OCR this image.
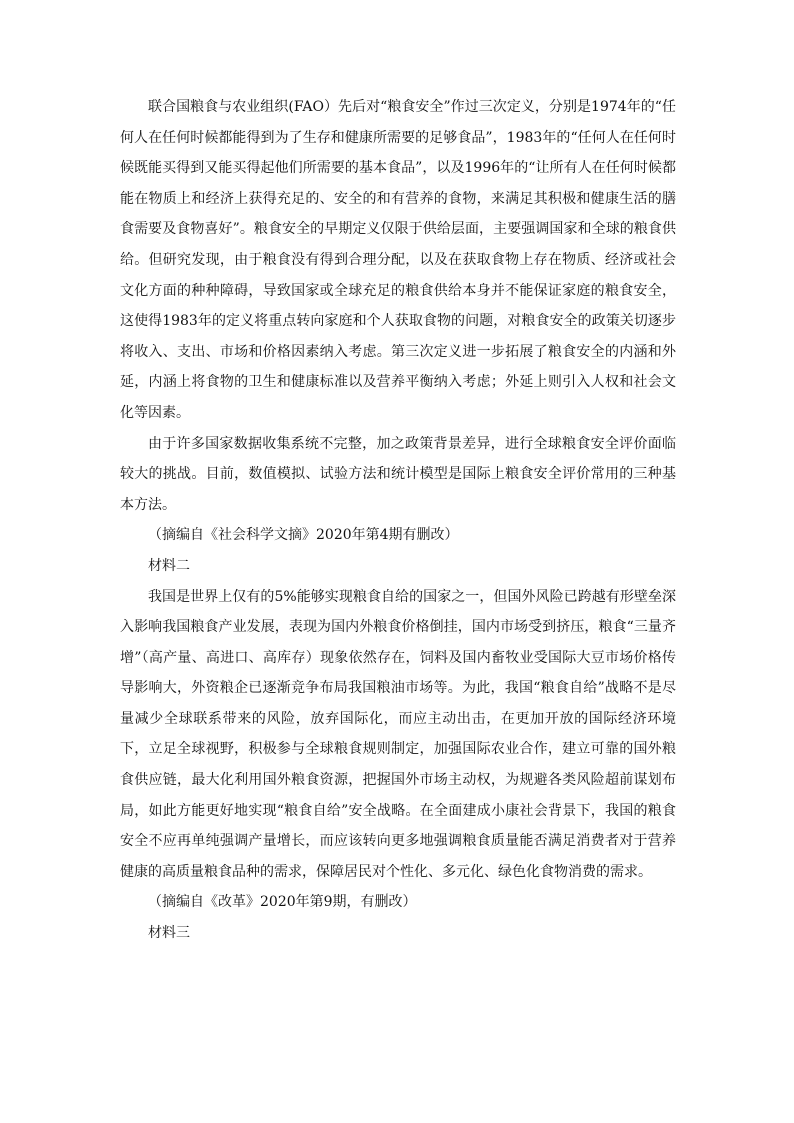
联合国粮食与农业组织(FAO）先后对“粮食安全”作过三次定义，分别是1974年的“任何人在任何时候都能得到为了生存和健康所需要的足够食品”，1983年的“任何人在任何时候既能买得到又能买得起他们所需要的基本食品”，以及1996年的“让所有人在任何时候都能在物质上和经济上获得充足的、安全的和有营养的食物，来满足其积极和健康生活的膳食需要及食物喜好”。粮食安全的早期定义仅限于供给层面，主要强调国家和全球的粮食供给。但研究发现，由于粮食没有得到合理分配，以及在获取食物上存在物质、经济或社会文化方面的种种障碍，导致国家或全球充足的粮食供给本身并不能保证家庭的粮食安全，这使得1983年的定义将重点转向家庭和个人获取食物的问题，对粮食安全的政策关切逐步将收入、支出、市场和价格因素纳入考虑。第三次定义进一步拓展了粮食安全的内涵和外延，内涵上将食物的卫生和健康标准以及营养平衡纳入考虑；外延上则引入人权和社会文化等因素。

由于许多国家数据收集系统不完整，加之政策背景差异，进行全球粮食安全评价面临较大的挑战。目前，数值模拟、试验方法和统计模型是国际上粮食安全评价常用的三种基本方法。

（摘编自《社会科学文摘》2020年第4期有删改）

材料二

我国是世界上仅有的5%能够实现粮食自给的国家之一，但国外风险已跨越有形壁垒深入影响我国粮食产业发展，表现为国内外粮食价格倒挂，国内市场受到挤压，粮食“三量齐增”（高产量、高进口、高库存）现象依然存在，饲料及国内畜牧业受国际大豆市场价格传导影响大，外资粮企已逐渐竞争布局我国粮油市场等。为此，我国“粮食自给”战略不是尽量减少全球联系带来的风险，放弃国际化，而应主动出击，在更加开放的国际经济环境下，立足全球视野，积极参与全球粮食规则制定，加强国际农业合作，建立可靠的国外粮食供应链，最大化利用国外粮食资源，把握国外市场主动权，为规避各类风险超前谋划布局，如此方能更好地实现“粮食自给”安全战略。在全面建成小康社会背景下，我国的粮食安全不应再单纯强调产量增长，而应该转向更多地强调粮食质量能否满足消费者对于营养健康的高质量粮食品种的需求，保障居民对个性化、多元化、绿色化食物消费的需求。

（摘编自《改革》2020年第9期，有删改）

材料三
